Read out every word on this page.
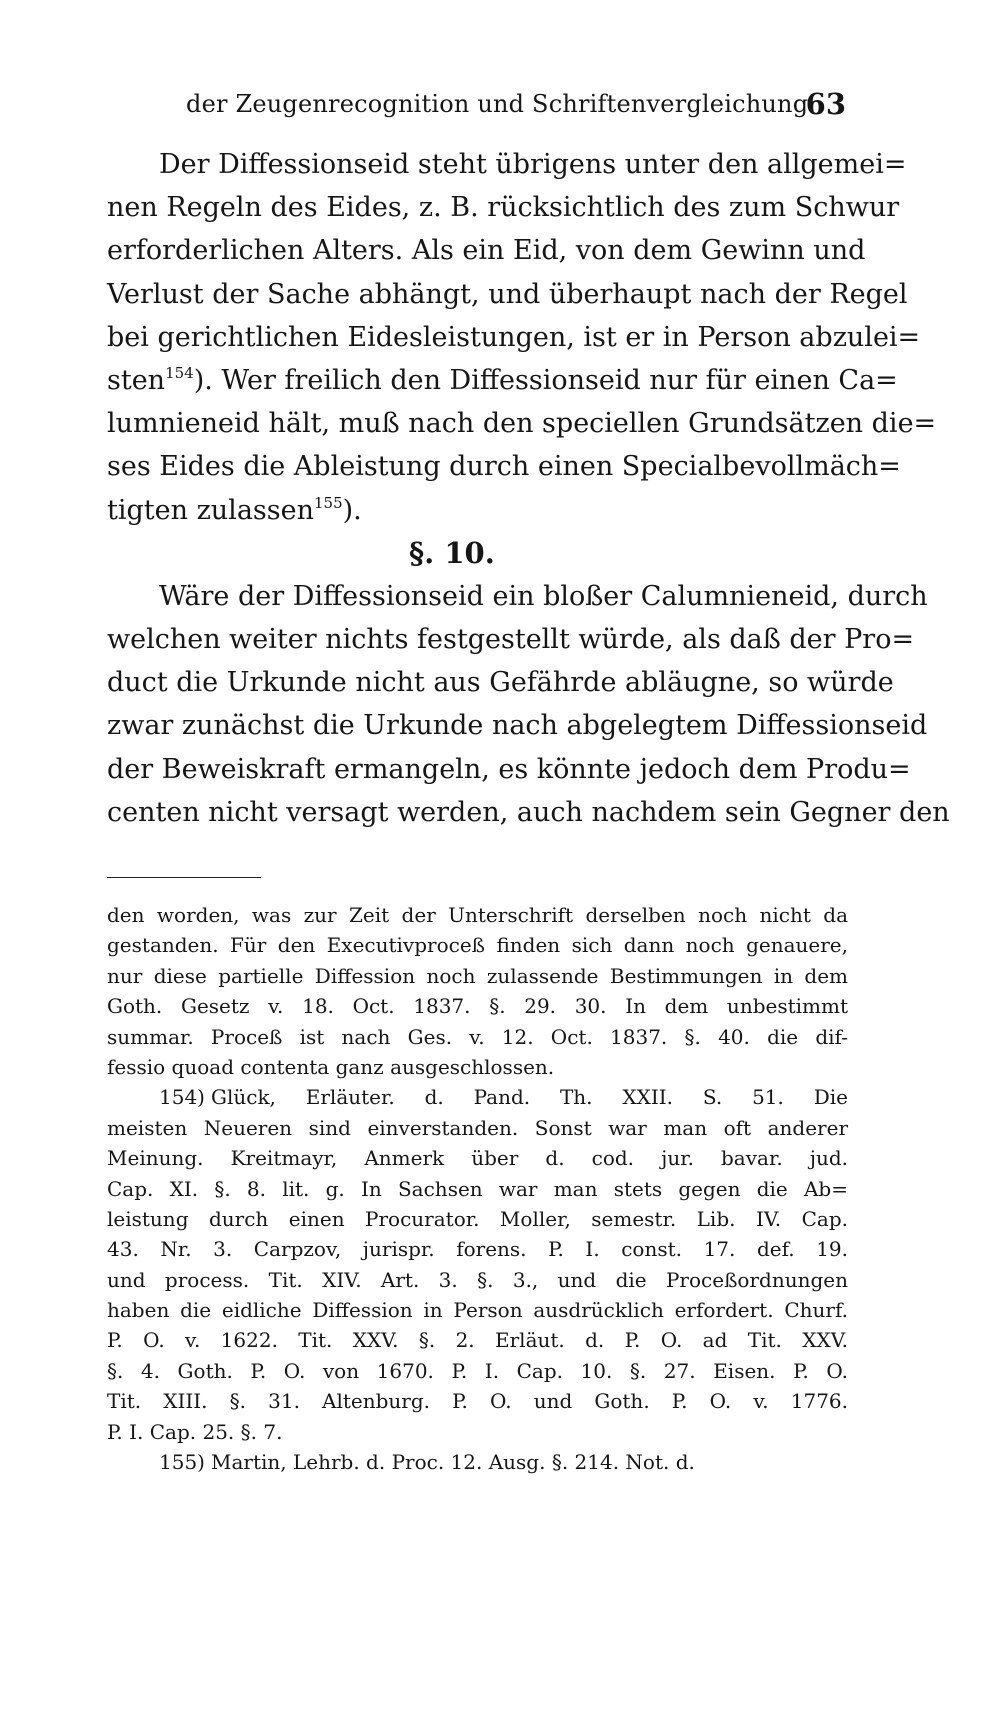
der Zeugenrecognition und Schriftenvergleichung.
63
Der Diffessionseid steht übrigens unter den allgemei=
nen Regeln des Eides, z. B. rücksichtlich des zum Schwur
erforderlichen Alters. Als ein Eid, von dem Gewinn und
Verlust der Sache abhängt, und überhaupt nach der Regel
bei gerichtlichen Eidesleistungen, ist er in Person abzulei=
sten$^{154}$). Wer freilich den Diffessionseid nur für einen Ca=
lumnieneid hält, muß nach den speciellen Grundsätzen die=
ses Eides die Ableistung durch einen Specialbevollmäch=
tigten zulassen$^{155}$).
§. 10.
Wäre der Diffessionseid ein bloßer Calumnieneid, durch
welchen weiter nichts festgestellt würde, als daß der Pro=
duct die Urkunde nicht aus Gefährde abläugne, so würde
zwar zunächst die Urkunde nach abgelegtem Diffessionseid
der Beweiskraft ermangeln, es könnte jedoch dem Produ=
centen nicht versagt werden, auch nachdem sein Gegner den
den worden, was zur Zeit der Unterschrift derselben noch nicht da
gestanden. Für den Executivproceß finden sich dann noch genauere,
nur diese partielle Diffession noch zulassende Bestimmungen in dem
Goth. Gesetz v. 18. Oct. 1837. §. 29. 30. In dem unbestimmt
summar. Proceß ist nach Ges. v. 12. Oct. 1837. §. 40. die dif-
fessio quoad contenta ganz ausgeschlossen.
154) Glück, Erläuter. d. Pand. Th. XXII. S. 51. Die
meisten Neueren sind einverstanden. Sonst war man oft anderer
Meinung. Kreitmayr, Anmerk über d. cod. jur. bavar. jud.
Cap. XI. §. 8. lit. g. In Sachsen war man stets gegen die Ab=
leistung durch einen Procurator. Moller, semestr. Lib. IV. Cap.
43. Nr. 3. Carpzov, jurispr. forens. P. I. const. 17. def. 19.
und process. Tit. XIV. Art. 3. §. 3., und die Proceßordnungen
haben die eidliche Diffession in Person ausdrücklich erfordert. Churf.
P. O. v. 1622. Tit. XXV. §. 2. Erläut. d. P. O. ad Tit. XXV.
§. 4. Goth. P. O. von 1670. P. I. Cap. 10. §. 27. Eisen. P. O.
Tit. XIII. §. 31. Altenburg. P. O. und Goth. P. O. v. 1776.
P. I. Cap. 25. §. 7.
155) Martin, Lehrb. d. Proc. 12. Ausg. §. 214. Not. d.
